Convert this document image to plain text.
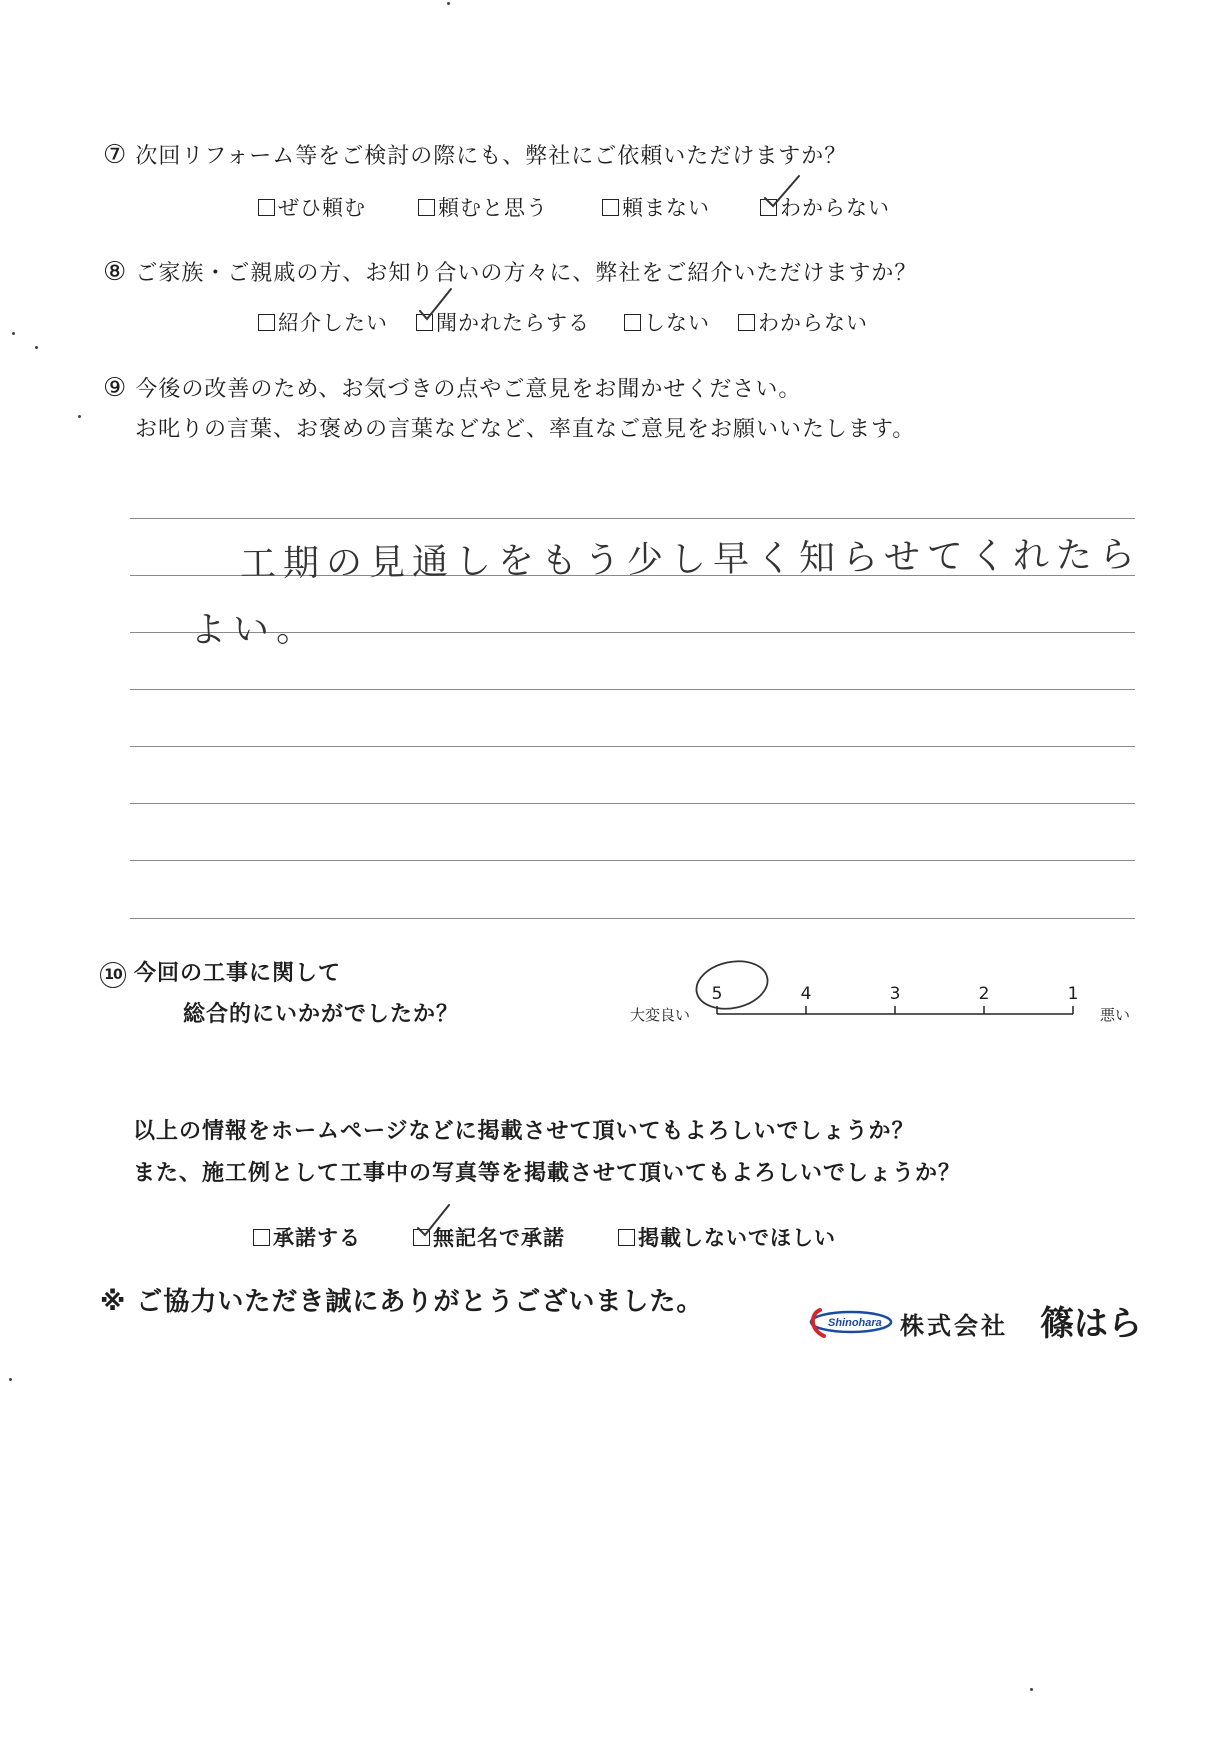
⑦ 次回リフォーム等をご検討の際にも、弊社にご依頼いただけますか？
ぜひ頼む	頼むと思う	頼まない	わからない
⑧ ご家族・ご親戚の方、お知り合いの方々に、弊社をご紹介いただけますか？
紹介したい	聞かれたらする	しない	わからない
⑨ 今後の改善のため、お気づきの点やご意見をお聞かせください。
お叱りの言葉、お褒めの言葉などなど、率直なご意見をお願いいたします。
工期の見通しをもう少し早く知らせてくれたら
よい。
10 今回の工事に関して
総合的にいかがでしたか？	大変良い	悪い
5	4	3	2	1
以上の情報をホームページなどに掲載させて頂いてもよろしいでしょうか？
また、施工例として工事中の写真等を掲載させて頂いてもよろしいでしょうか？
承諾する	無記名で承諾	掲載しないでほしい
※ ご協力いただき誠にありがとうございました。
Shinohara 株式会社 篠はら
